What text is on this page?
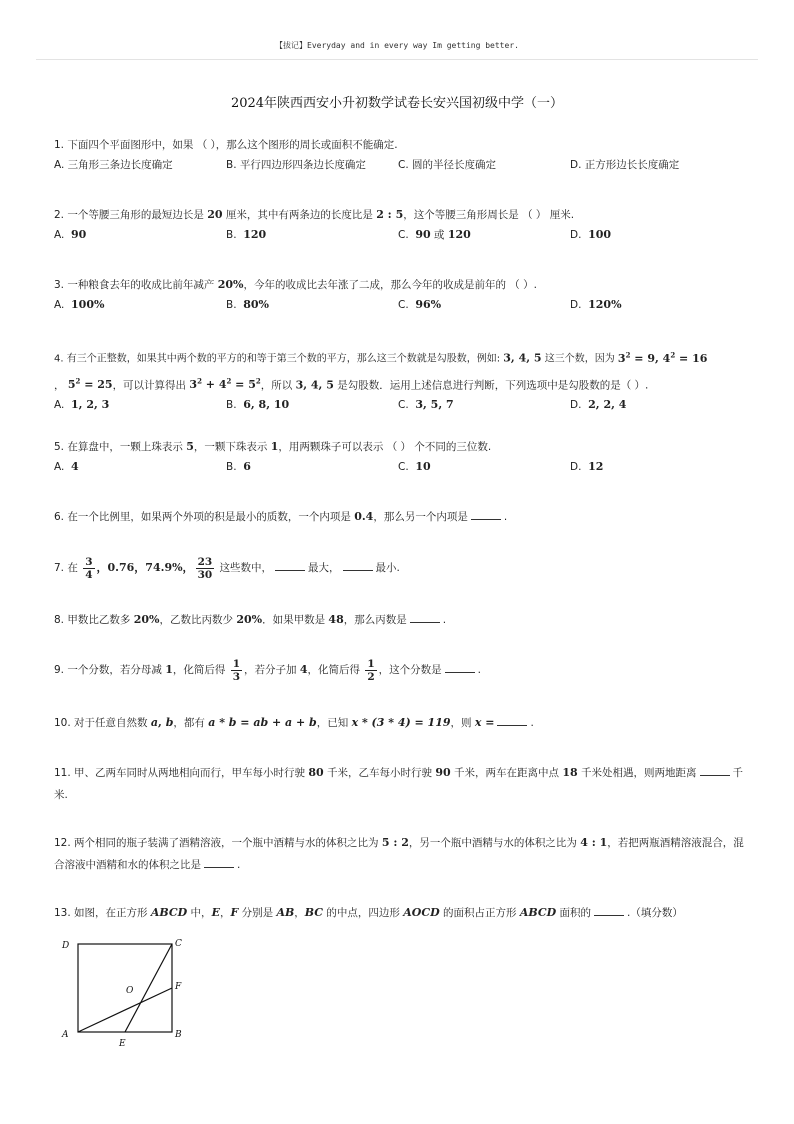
【拔记】Everyday and in every way Im getting better.
2024年陕西西安小升初数学试卷长安兴国初级中学（一）
1. 下面四个平面图形中，如果 （ ），那么这个图形的周长或面积不能确定.
A. 三角形三条边长度确定	B. 平行四边形四条边长度确定	C. 圆的半径长度确定	D. 正方形边长长度确定
2. 一个等腰三角形的最短边长是 20 厘米，其中有两条边的长度比是 2 : 5，这个等腰三角形周长是 （ ） 厘米.
A. 90	B. 120	C. 90 或 120	D. 100
3. 一种粮食去年的收成比前年减产 20%，今年的收成比去年涨了二成，那么今年的收成是前年的 （ ）.
A. 100%	B. 80%	C. 96%	D. 120%
4. 有三个正整数，如果其中两个数的平方的和等于第三个数的平方，那么这三个数就是勾股数，例如: 3, 4, 5 这三个数，因为 $3^2 = 9$, $4^2 = 16$
， $5^2 = 25$，可以计算得出 $3^2 + 4^2 = 5^2$，所以 3, 4, 5 是勾股数．运用上述信息进行判断，下列选项中是勾股数的是（ ）.
A. 1, 2, 3	B. 6, 8, 10	C. 3, 5, 7	D. 2, 2, 4
5. 在算盘中，一颗上珠表示 5，一颗下珠表示 1，用两颗珠子可以表示 （ ） 个不同的三位数.
A. 4	B. 6	C. 10	D. 12
6. 在一个比例里，如果两个外项的积是最小的质数，一个内项是 0.4，那么另一个内项是	.
7. 在 $\frac{3}{4}$ ，0.76，74.9%， $\frac{23}{30}$ 这些数中，	最大，	最小.
8. 甲数比乙数多 20%，乙数比丙数少 20%．如果甲数是 48，那么丙数是	.
9. 一个分数，若分母减 1，化简后得 $\frac{1}{3}$ ，若分子加 4，化简后得 $\frac{1}{2}$ ，这个分数是	.
10. 对于任意自然数 a, b，都有 a * b = ab + a + b，已知 x * (3 * 4) = 119，则 x =	.
11. 甲、乙两车同时从两地相向而行，甲车每小时行驶 80 千米，乙车每小时行驶 90 千米，两车在距离中点 18 千米处相遇，则两地距离	千米.
12. 两个相同的瓶子装满了酒精溶液，一个瓶中酒精与水的体积之比为 5 : 2，另一个瓶中酒精与水的体积之比为 4 : 1，若把两瓶酒精溶液混合，混合溶液中酒精和水的体积之比是	.
13. 如图，在正方形 ABCD 中，E，F 分别是 AB，BC 的中点，四边形 AOCD 的面积占正方形 ABCD 面积的	.（填分数）
D	C
O	F
A	B
E
